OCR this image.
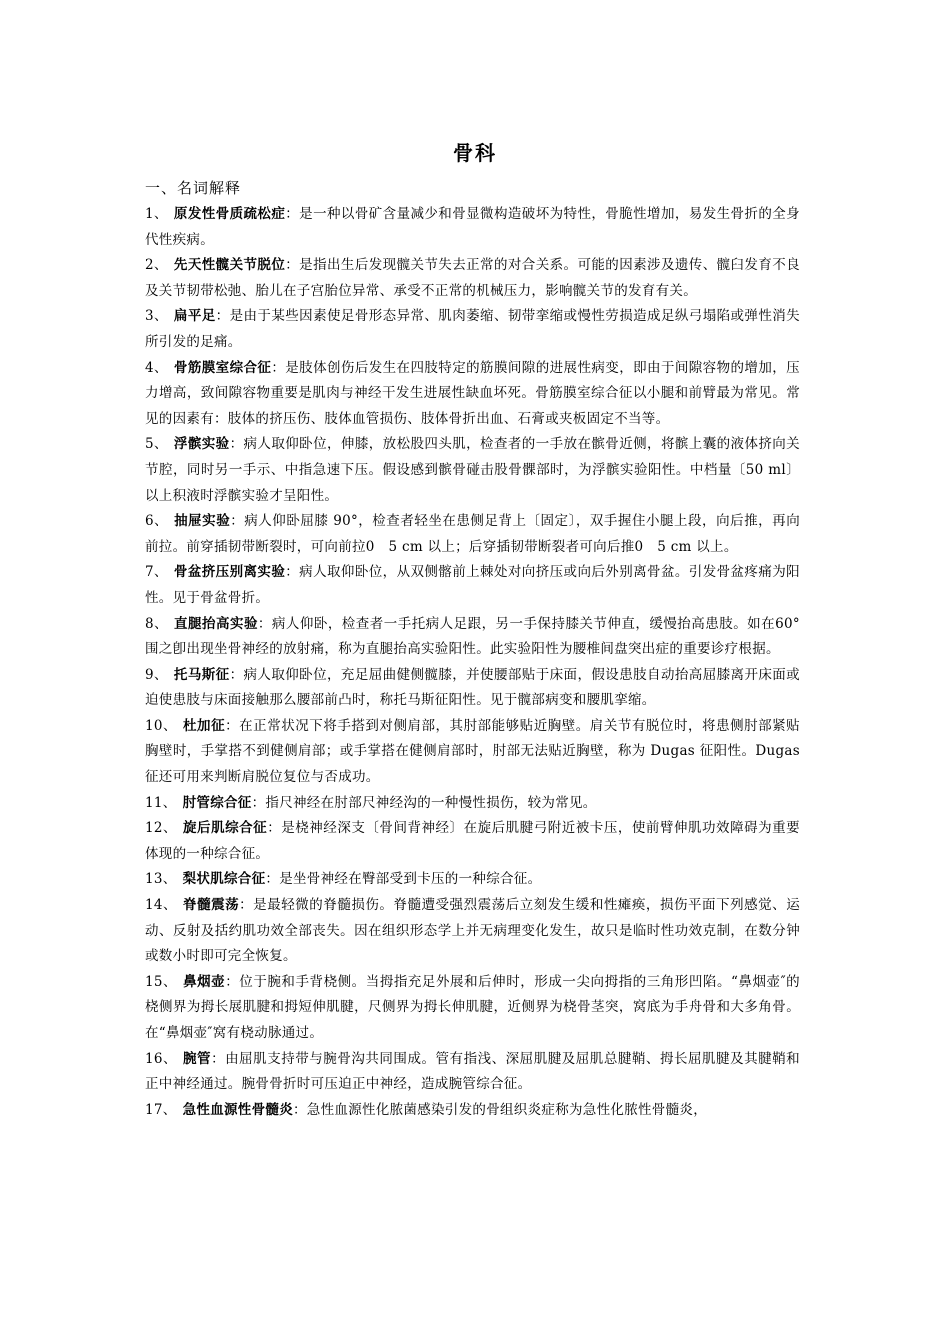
骨科
一、名词解释

1、 原发性骨质疏松症：是一种以骨矿含量减少和骨显微构造破坏为特性，骨脆性增加，易发生骨折的全身代性疾病。

2、 先天性髋关节脱位：是指出生后发现髋关节失去正常的对合关系。可能的因素涉及遗传、髋臼发育不良及关节韧带松弛、胎儿在子宫胎位异常、承受不正常的机械压力，影响髋关节的发育有关。

3、 扁平足：是由于某些因素使足骨形态异常、肌肉萎缩、韧带挛缩或慢性劳损造成足纵弓塌陷或弹性消失所引发的足痛。

4、 骨筋膜室综合征：是肢体创伤后发生在四肢特定的筋膜间隙的进展性病变，即由于间隙容物的增加，压力增高，致间隙容物重要是肌肉与神经干发生进展性缺血坏死。骨筋膜室综合征以小腿和前臂最为常见。常见的因素有：肢体的挤压伤、肢体血管损伤、肢体骨折出血、石膏或夹板固定不当等。

5、 浮髌实验：病人取仰卧位，伸膝，放松股四头肌，检查者的一手放在髌骨近侧，将髌上囊的液体挤向关节腔，同时另一手示、中指急速下压。假设感到髌骨碰击股骨髁部时，为浮髌实验阳性。中档量〔50 ml〕以上积液时浮髌实验才呈阳性。

6、 抽屉实验：病人仰卧屈膝 90°，检查者轻坐在患侧足背上〔固定〕，双手握住小腿上段，向后推，再向前拉。前穿插韧带断裂时，可向前拉0　5 cm 以上；后穿插韧带断裂者可向后推0　5 cm 以上。

7、 骨盆挤压别离实验：病人取仰卧位，从双侧髂前上棘处对向挤压或向后外别离骨盆。引发骨盆疼痛为阳性。见于骨盆骨折。

8、 直腿抬高实验：病人仰卧，检查者一手托病人足跟，另一手保持膝关节伸直，缓慢抬高患肢。如在60°围之卽出现坐骨神经的放射痛，称为直腿抬高实验阳性。此实验阳性为腰椎间盘突出症的重要诊疗根据。

9、 托马斯征：病人取仰卧位，充足屈曲健侧髋膝，并使腰部贴于床面，假设患肢自动抬高屈膝离开床面或迫使患肢与床面接触那么腰部前凸时，称托马斯征阳性。见于髋部病变和腰肌挛缩。

10、 杜加征：在正常状况下将手搭到对侧肩部，其肘部能够贴近胸壁。肩关节有脱位时，将患侧肘部紧贴胸壁时，手掌搭不到健侧肩部；或手掌搭在健侧肩部时，肘部无法贴近胸壁，称为 Dugas 征阳性。Dugas 征还可用来判断肩脱位复位与否成功。

11、 肘管综合征：指尺神经在肘部尺神经沟的一种慢性损伤，较为常见。

12、 旋后肌综合征：是桡神经深支〔骨间背神经〕在旋后肌腱弓附近被卡压，使前臂伸肌功效障碍为重要体现的一种综合征。

13、 梨状肌综合征：是坐骨神经在臀部受到卡压的一种综合征。

14、 脊髓震荡：是最轻微的脊髓损伤。脊髓遭受强烈震荡后立刻发生缓和性瘫痪，损伤平面下列感觉、运动、反射及括约肌功效全部丧失。因在组织形态学上并无病理变化发生，故只是临时性功效克制，在数分钟或数小时即可完全恢复。

15、 鼻烟壶：位于腕和手背桡侧。当拇指充足外展和后伸时，形成一尖向拇指的三角形凹陷。“鼻烟壶″的桡侧界为拇长展肌腱和拇短伸肌腱，尺侧界为拇长伸肌腱，近侧界为桡骨茎突，窝底为手舟骨和大多角骨。在“鼻烟壶″窝有桡动脉通过。

16、 腕管：由屈肌支持带与腕骨沟共同围成。管有指浅、深屈肌腱及屈肌总腱鞘、拇长屈肌腱及其腱鞘和正中神经通过。腕骨骨折时可压迫正中神经，造成腕管综合征。

17、 急性血源性骨髓炎：急性血源性化脓菌感染引发的骨组织炎症称为急性化脓性骨髓炎，
